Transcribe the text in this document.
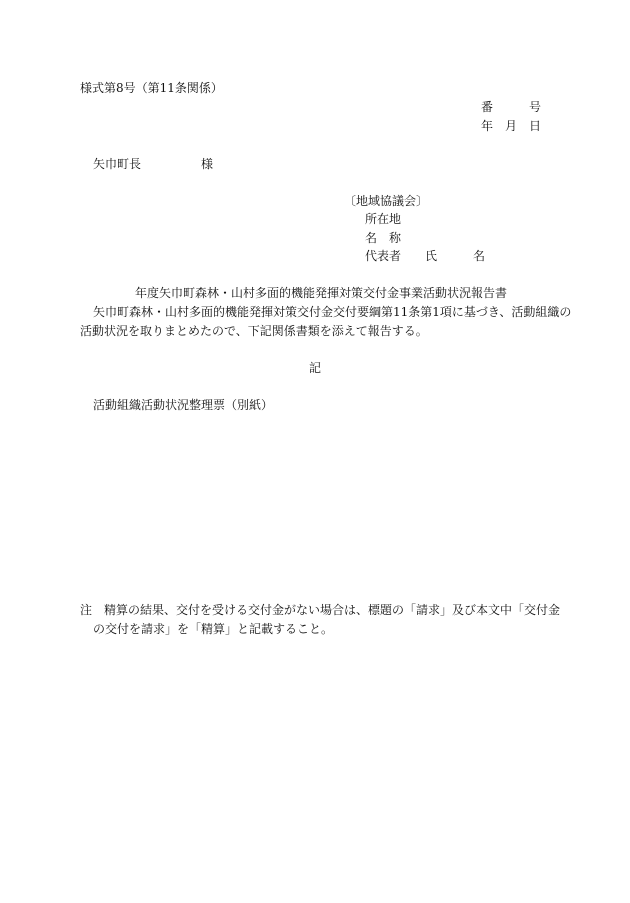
様式第8号（第11条関係）

番　　　号

年　月　日

矢巾町長　　　　　様

〔地域協議会〕

所在地

名　称

代表者　　氏　　　名

年度矢巾町森林・山村多面的機能発揮対策交付金事業活動状況報告書

矢巾町森林・山村多面的機能発揮対策交付金交付要綱第11条第1項に基づき、活動組織の

活動状況を取りまとめたので、下記関係書類を添えて報告する。

記

活動組織活動状況整理票（別紙）

注　精算の結果、交付を受ける交付金がない場合は、標題の「請求」及び本文中「交付金

の交付を請求」を「精算」と記載すること。
